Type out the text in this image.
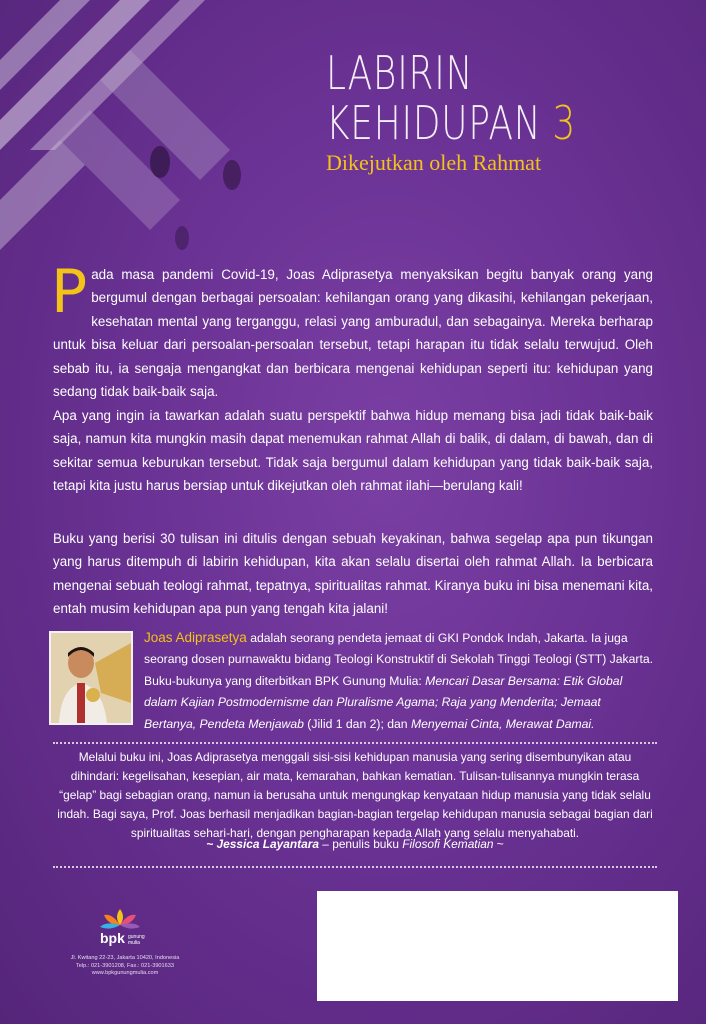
LABIRIN
KEHIDUPAN 3
Dikejutkan oleh Rahmat

Pada masa pandemi Covid-19, Joas Adiprasetya menyaksikan begitu banyak orang yang bergumul dengan berbagai persoalan: kehilangan orang yang dikasihi, kehilangan pekerjaan, kesehatan mental yang terganggu, relasi yang amburadul, dan sebagainya. Mereka berharap untuk bisa keluar dari persoalan-persoalan tersebut, tetapi harapan itu tidak selalu terwujud. Oleh sebab itu, ia sengaja mengangkat dan berbicara mengenai kehidupan seperti itu: kehidupan yang sedang tidak baik-baik saja.

Apa yang ingin ia tawarkan adalah suatu perspektif bahwa hidup memang bisa jadi tidak baik-baik saja, namun kita mungkin masih dapat menemukan rahmat Allah di balik, di dalam, di bawah, dan di sekitar semua keburukan tersebut. Tidak saja bergumul dalam kehidupan yang tidak baik-baik saja, tetapi kita justu harus bersiap untuk dikejutkan oleh rahmat ilahi—berulang kali!

Buku yang berisi 30 tulisan ini ditulis dengan sebuah keyakinan, bahwa segelap apa pun tikungan yang harus ditempuh di labirin kehidupan, kita akan selalu disertai oleh rahmat Allah. Ia berbicara mengenai sebuah teologi rahmat, tepatnya, spiritualitas rahmat. Kiranya buku ini bisa menemani kita, entah musim kehidupan apa pun yang tengah kita jalani!

Joas Adiprasetya adalah seorang pendeta jemaat di GKI Pondok Indah, Jakarta. Ia juga seorang dosen purnawaktu bidang Teologi Konstruktif di Sekolah Tinggi Teologi (STT) Jakarta. Buku-bukunya yang diterbitkan BPK Gunung Mulia: Mencari Dasar Bersama: Etik Global dalam Kajian Postmodernisme dan Pluralisme Agama; Raja yang Menderita; Jemaat Bertanya, Pendeta Menjawab (Jilid 1 dan 2); dan Menyemai Cinta, Merawat Damai.

Melalui buku ini, Joas Adiprasetya menggali sisi-sisi kehidupan manusia yang sering disembunyikan atau dihindari: kegelisahan, kesepian, air mata, kemarahan, bahkan kematian. Tulisan-tulisannya mungkin terasa “gelap” bagi sebagian orang, namun ia berusaha untuk mengungkap kenyataan hidup manusia yang tidak selalu indah. Bagi saya, Prof. Joas berhasil menjadikan bagian-bagian tergelap kehidupan manusia sebagai bagian dari spiritualitas sehari-hari, dengan pengharapan kepada Allah yang selalu menyahabati.

~ Jessica Layantara – penulis buku Filosofi Kematian ~
bpk gunung
mulia
Jl. Kwitang 22-23, Jakarta 10420, Indonesia
Telp.: 021-3901208, Fax.: 021-3901633
www.bpkgunungmulia.com
